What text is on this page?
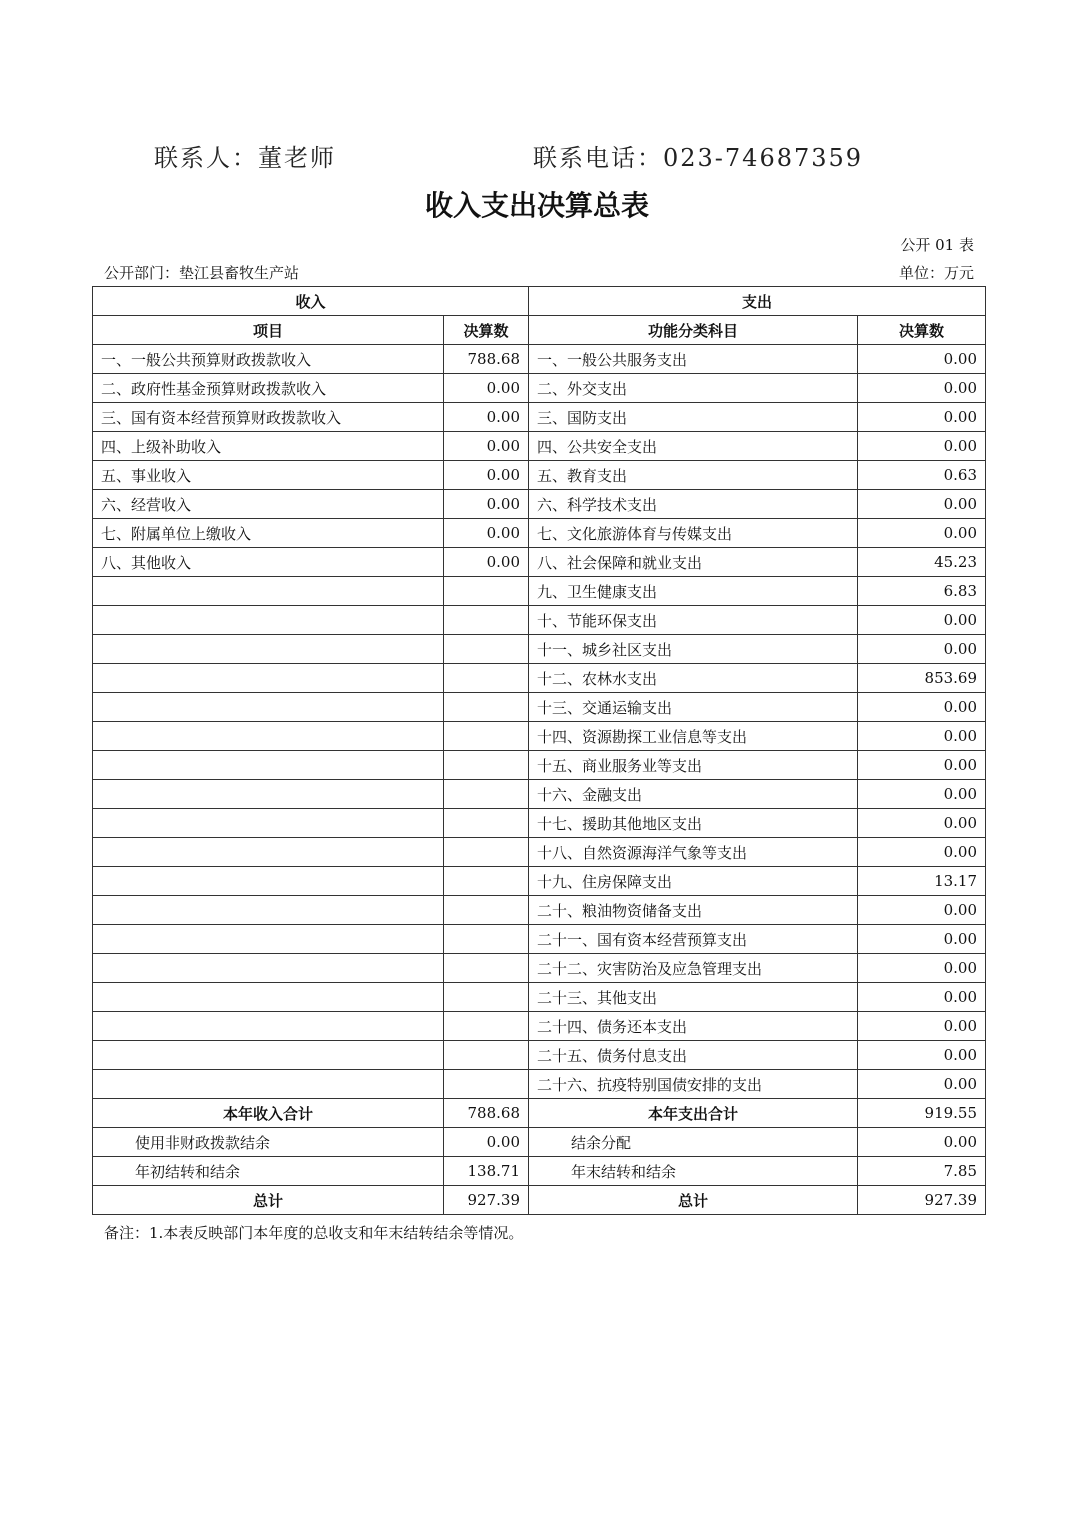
联系人：董老师	联系电话：023-74687359
收入支出决算总表
公开 01 表
公开部门：垫江县畜牧生产站	单位：万元
收入		支出	
项目	决算数	功能分类科目	决算数
一、一般公共预算财政拨款收入	788.68	一、一般公共服务支出	0.00
二、政府性基金预算财政拨款收入	0.00	二、外交支出	0.00
三、国有资本经营预算财政拨款收入	0.00	三、国防支出	0.00
四、上级补助收入	0.00	四、公共安全支出	0.00
五、事业收入	0.00	五、教育支出	0.63
六、经营收入	0.00	六、科学技术支出	0.00
七、附属单位上缴收入	0.00	七、文化旅游体育与传媒支出	0.00
八、其他收入	0.00	八、社会保障和就业支出	45.23
		九、卫生健康支出	6.83
		十、节能环保支出	0.00
		十一、城乡社区支出	0.00
		十二、农林水支出	853.69
		十三、交通运输支出	0.00
		十四、资源勘探工业信息等支出	0.00
		十五、商业服务业等支出	0.00
		十六、金融支出	0.00
		十七、援助其他地区支出	0.00
		十八、自然资源海洋气象等支出	0.00
		十九、住房保障支出	13.17
		二十、粮油物资储备支出	0.00
		二十一、国有资本经营预算支出	0.00
		二十二、灾害防治及应急管理支出	0.00
		二十三、其他支出	0.00
		二十四、债务还本支出	0.00
		二十五、债务付息支出	0.00
		二十六、抗疫特别国债安排的支出	0.00
本年收入合计	788.68	本年支出合计	919.55
使用非财政拨款结余	0.00	结余分配	0.00
年初结转和结余	138.71	年末结转和结余	7.85
总计	927.39	总计	927.39
备注：1.本表反映部门本年度的总收支和年末结转结余等情况。
